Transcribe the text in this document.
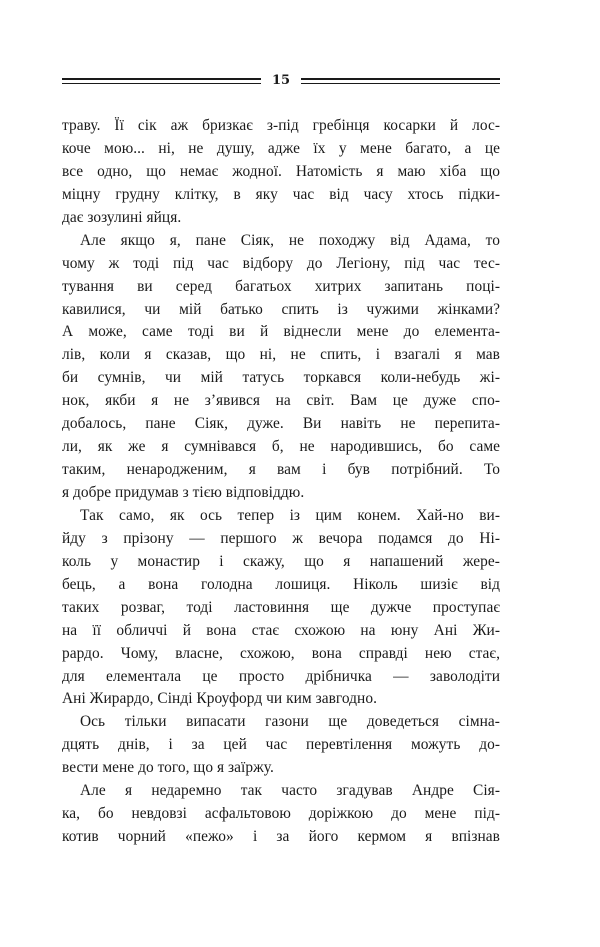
15
траву. Її сік аж бризкає з-під гребінця косарки й лос-
коче мою... ні, не душу, адже їх у мене багато, а це
все одно, що немає жодної. Натомість я маю хіба що
міцну грудну клітку, в яку час від часу хтось підки-
дає зозулині яйця.
Але якщо я, пане Сіяк, не походжу від Адама, то
чому ж тоді під час відбору до Легіону, під час тес-
тування ви серед багатьох хитрих запитань поці-
кавилися, чи мій батько спить із чужими жінками?
А може, саме тоді ви й віднесли мене до елемента-
лів, коли я сказав, що ні, не спить, і взагалі я мав
би сумнів, чи мій татусь торкався коли-небудь жі-
нок, якби я не з’явився на світ. Вам це дуже спо-
добалось, пане Сіяк, дуже. Ви навіть не перепита-
ли, як же я сумнівався б, не народившись, бо саме
таким, ненародженим, я вам і був потрібний. То
я добре придумав з тією відповіддю.
Так само, як ось тепер із цим конем. Хай-но ви-
йду з прізону — першого ж вечора подамся до Ні-
коль у монастир і скажу, що я напашений жере-
бець, а вона голодна лошиця. Ніколь шизіє від
таких розваг, тоді ластовиння ще дужче проступає
на її обличчі й вона стає схожою на юну Ані Жи-
рардо. Чому, власне, схожою, вона справді нею стає,
для елементала це просто дрібничка — заволодіти
Ані Жирардо, Сінді Кроуфорд чи ким завгодно.
Ось тільки випасати газони ще доведеться сімна-
дцять днів, і за цей час перевтілення можуть до-
вести мене до того, що я заїржу.
Але я недаремно так часто згадував Андре Сія-
ка, бо невдовзі асфальтовою доріжкою до мене під-
котив чорний «пежо» і за його кермом я впізнав
